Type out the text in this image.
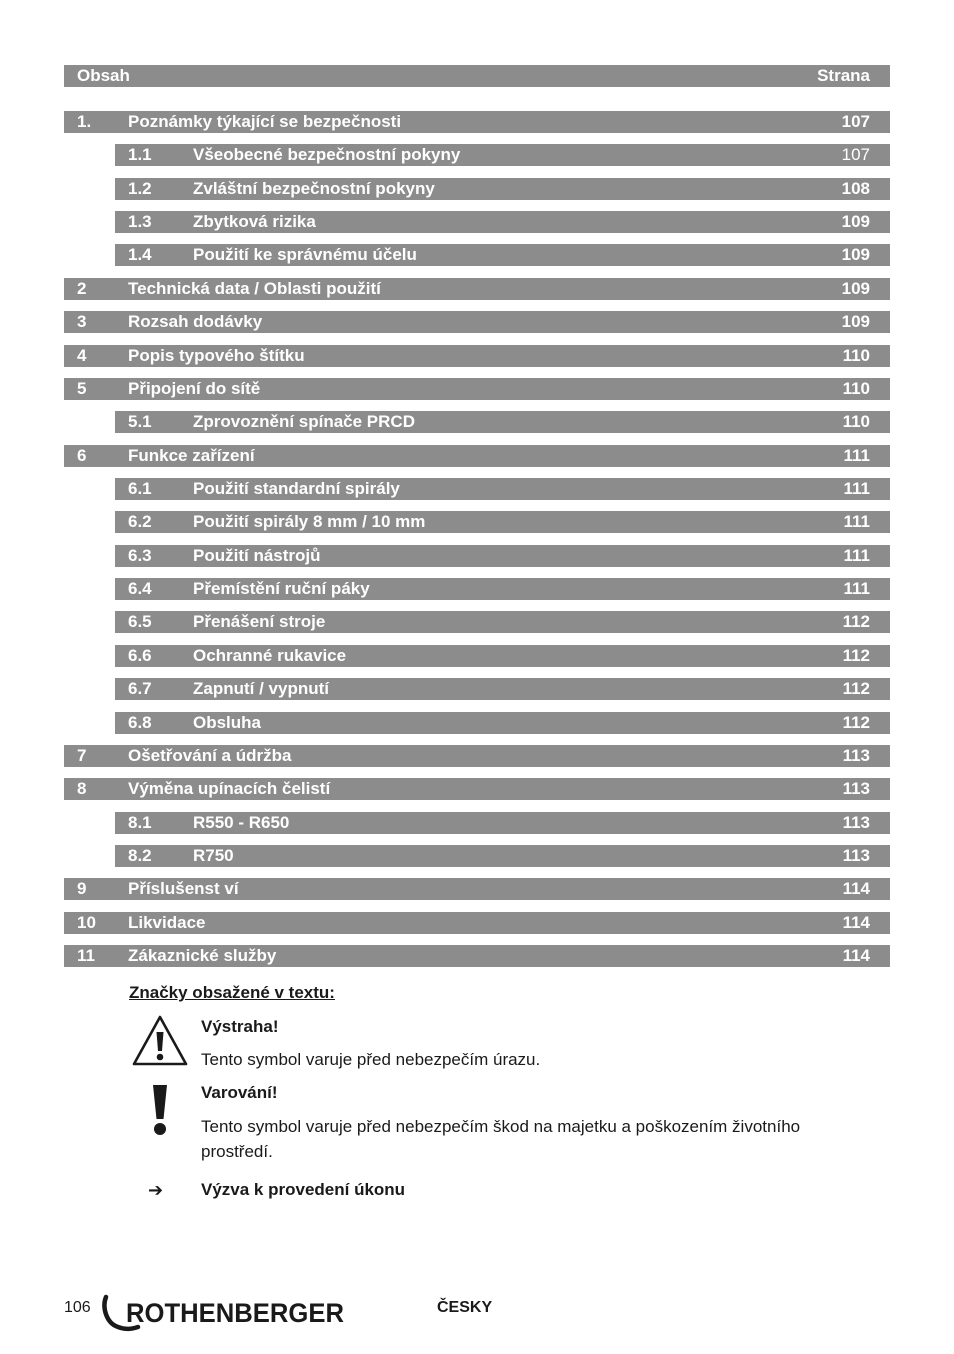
Obsah	Strana
1. Poznámky týkající se bezpečnosti	107
1.1 Všeobecné bezpečnostní pokyny	107
1.2 Zvláštní bezpečnostní pokyny	108
1.3 Zbytková rizika	109
1.4 Použití ke správnému účelu	109
2 Technická data / Oblasti použití	109
3 Rozsah dodávky	109
4 Popis typového štítku	110
5 Připojení do sítě	110
5.1 Zprovoznění spínače PRCD	110
6 Funkce zařízení	111
6.1 Použití standardní spirály	111
6.2 Použití spirály 8 mm / 10 mm	111
6.3 Použití nástrojů	111
6.4 Přemístění ruční páky	111
6.5 Přenášení stroje	112
6.6 Ochranné rukavice	112
6.7 Zapnutí / vypnutí	112
6.8 Obsluha	112
7 Ošetřování a údržba	113
8 Výměna upínacích čelistí	113
8.1 R550 - R650	113
8.2 R750	113
9 Příslušenst ví	114
10 Likvidace	114
11 Zákaznické služby	114
Značky obsažené v textu:
Výstraha!
Tento symbol varuje před nebezpečím úrazu.
Varování!
Tento symbol varuje před nebezpečím škod na majetku a poškozením životního
prostředí.
➔ Výzva k provedení úkonu
106 ROTHENBERGER	ČESKY
